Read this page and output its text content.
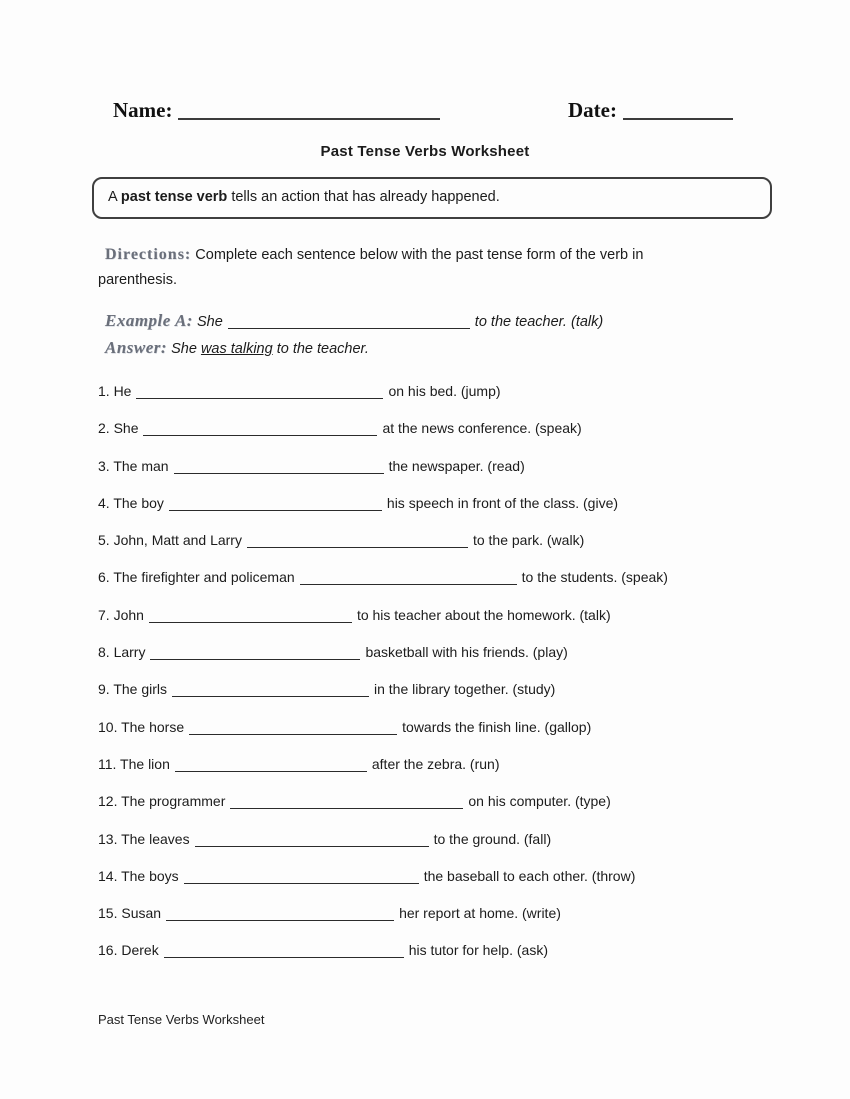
Name:	Date:
Past Tense Verbs Worksheet
A past tense verb tells an action that has already happened.
Directions: Complete each sentence below with the past tense form of the verb in parenthesis.
Example A: She	to the teacher. (talk)
Answer: She was talking to the teacher.
1. He	on his bed. (jump)
2. She	at the news conference. (speak)
3. The man	the newspaper. (read)
4. The boy	his speech in front of the class. (give)
5. John, Matt and Larry	to the park. (walk)
6. The firefighter and policeman	to the students. (speak)
7. John	to his teacher about the homework. (talk)
8. Larry	basketball with his friends. (play)
9. The girls	in the library together. (study)
10. The horse	towards the finish line. (gallop)
11. The lion	after the zebra. (run)
12. The programmer	on his computer. (type)
13. The leaves	to the ground. (fall)
14. The boys	the baseball to each other. (throw)
15. Susan	her report at home. (write)
16. Derek	his tutor for help. (ask)
Past Tense Verbs Worksheet
